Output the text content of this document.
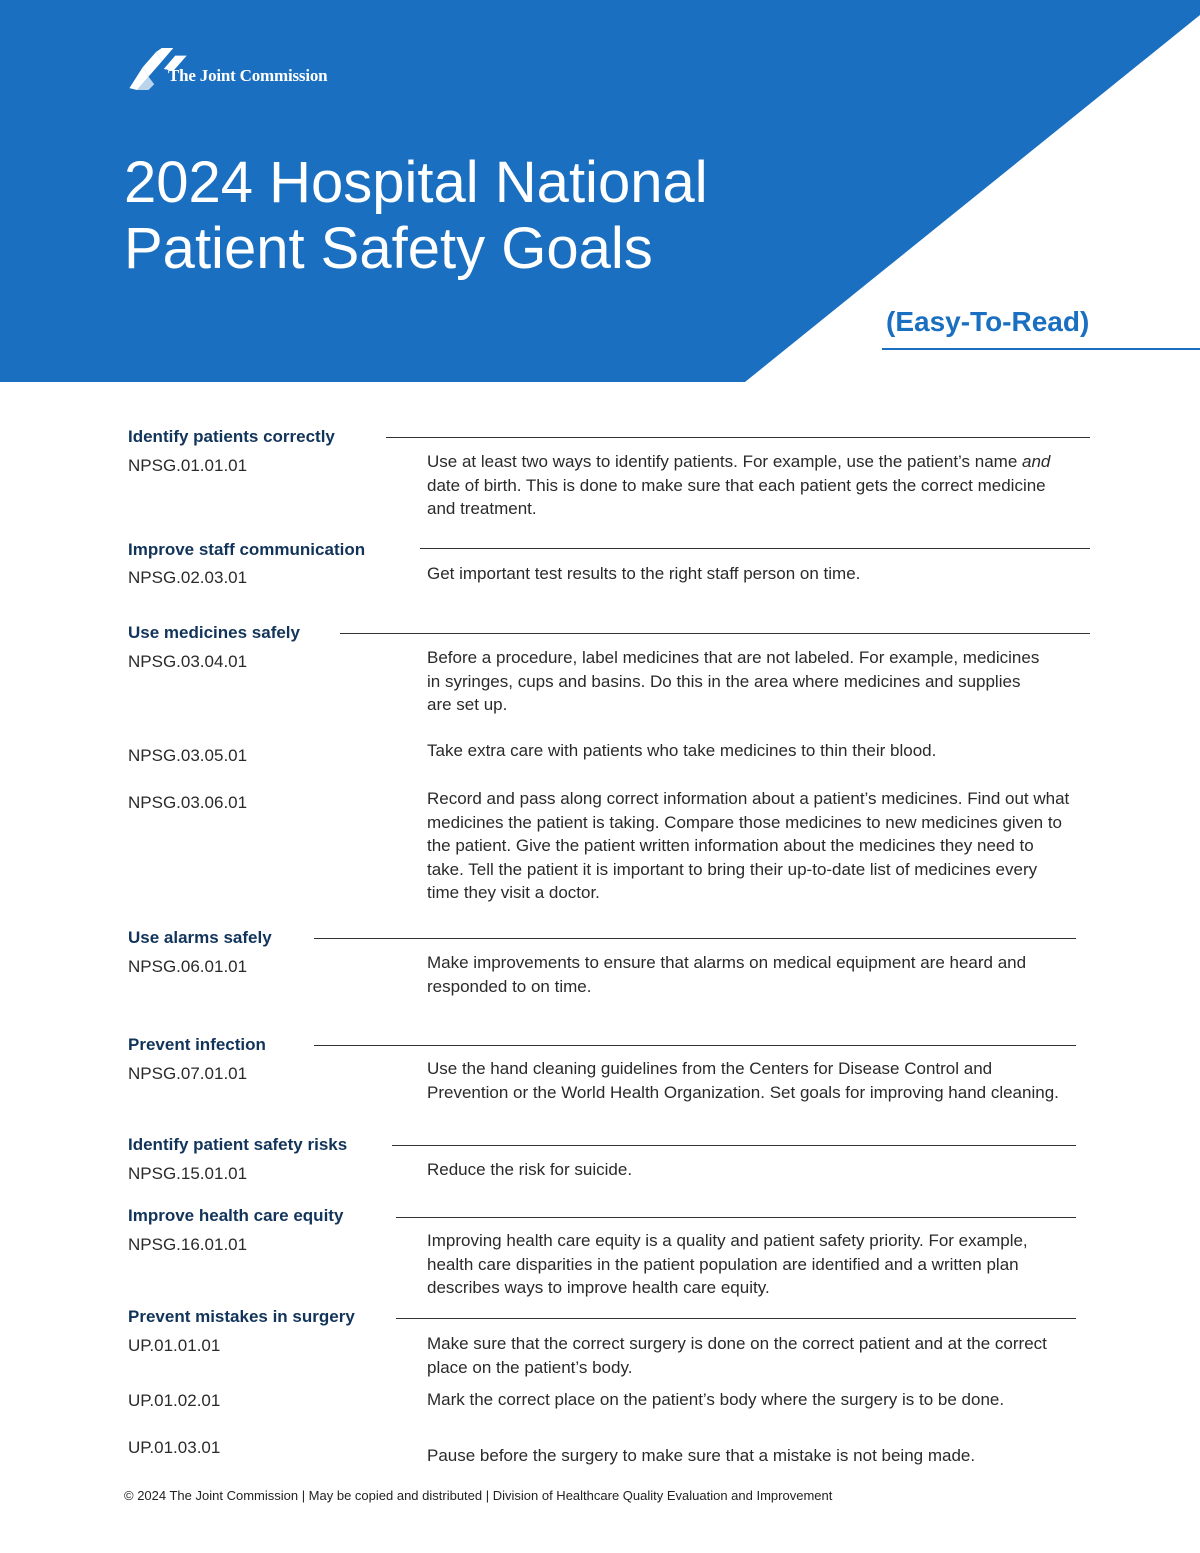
The Joint Commission
2024 Hospital National
Patient Safety Goals
(Easy-To-Read)
Identify patients correctly
NPSG.01.01.01	Use at least two ways to identify patients. For example, use the patient’s name and date of birth. This is done to make sure that each patient gets the correct medicine and treatment.
Improve staff communication
NPSG.02.03.01	Get important test results to the right staff person on time.
Use medicines safely
NPSG.03.04.01	Before a procedure, label medicines that are not labeled. For example, medicines in syringes, cups and basins. Do this in the area where medicines and supplies are set up.
NPSG.03.05.01	Take extra care with patients who take medicines to thin their blood.
NPSG.03.06.01	Record and pass along correct information about a patient’s medicines. Find out what medicines the patient is taking. Compare those medicines to new medicines given to the patient. Give the patient written information about the medicines they need to take. Tell the patient it is important to bring their up-to-date list of medicines every time they visit a doctor.
Use alarms safely
NPSG.06.01.01	Make improvements to ensure that alarms on medical equipment are heard and responded to on time.
Prevent infection
NPSG.07.01.01	Use the hand cleaning guidelines from the Centers for Disease Control and Prevention or the World Health Organization. Set goals for improving hand cleaning.
Identify patient safety risks
NPSG.15.01.01	Reduce the risk for suicide.
Improve health care equity
NPSG.16.01.01	Improving health care equity is a quality and patient safety priority. For example, health care disparities in the patient population are identified and a written plan describes ways to improve health care equity.
Prevent mistakes in surgery
UP.01.01.01	Make sure that the correct surgery is done on the correct patient and at the correct place on the patient’s body.
UP.01.02.01	Mark the correct place on the patient’s body where the surgery is to be done.
UP.01.03.01	Pause before the surgery to make sure that a mistake is not being made.
© 2024 The Joint Commission | May be copied and distributed | Division of Healthcare Quality Evaluation and Improvement
